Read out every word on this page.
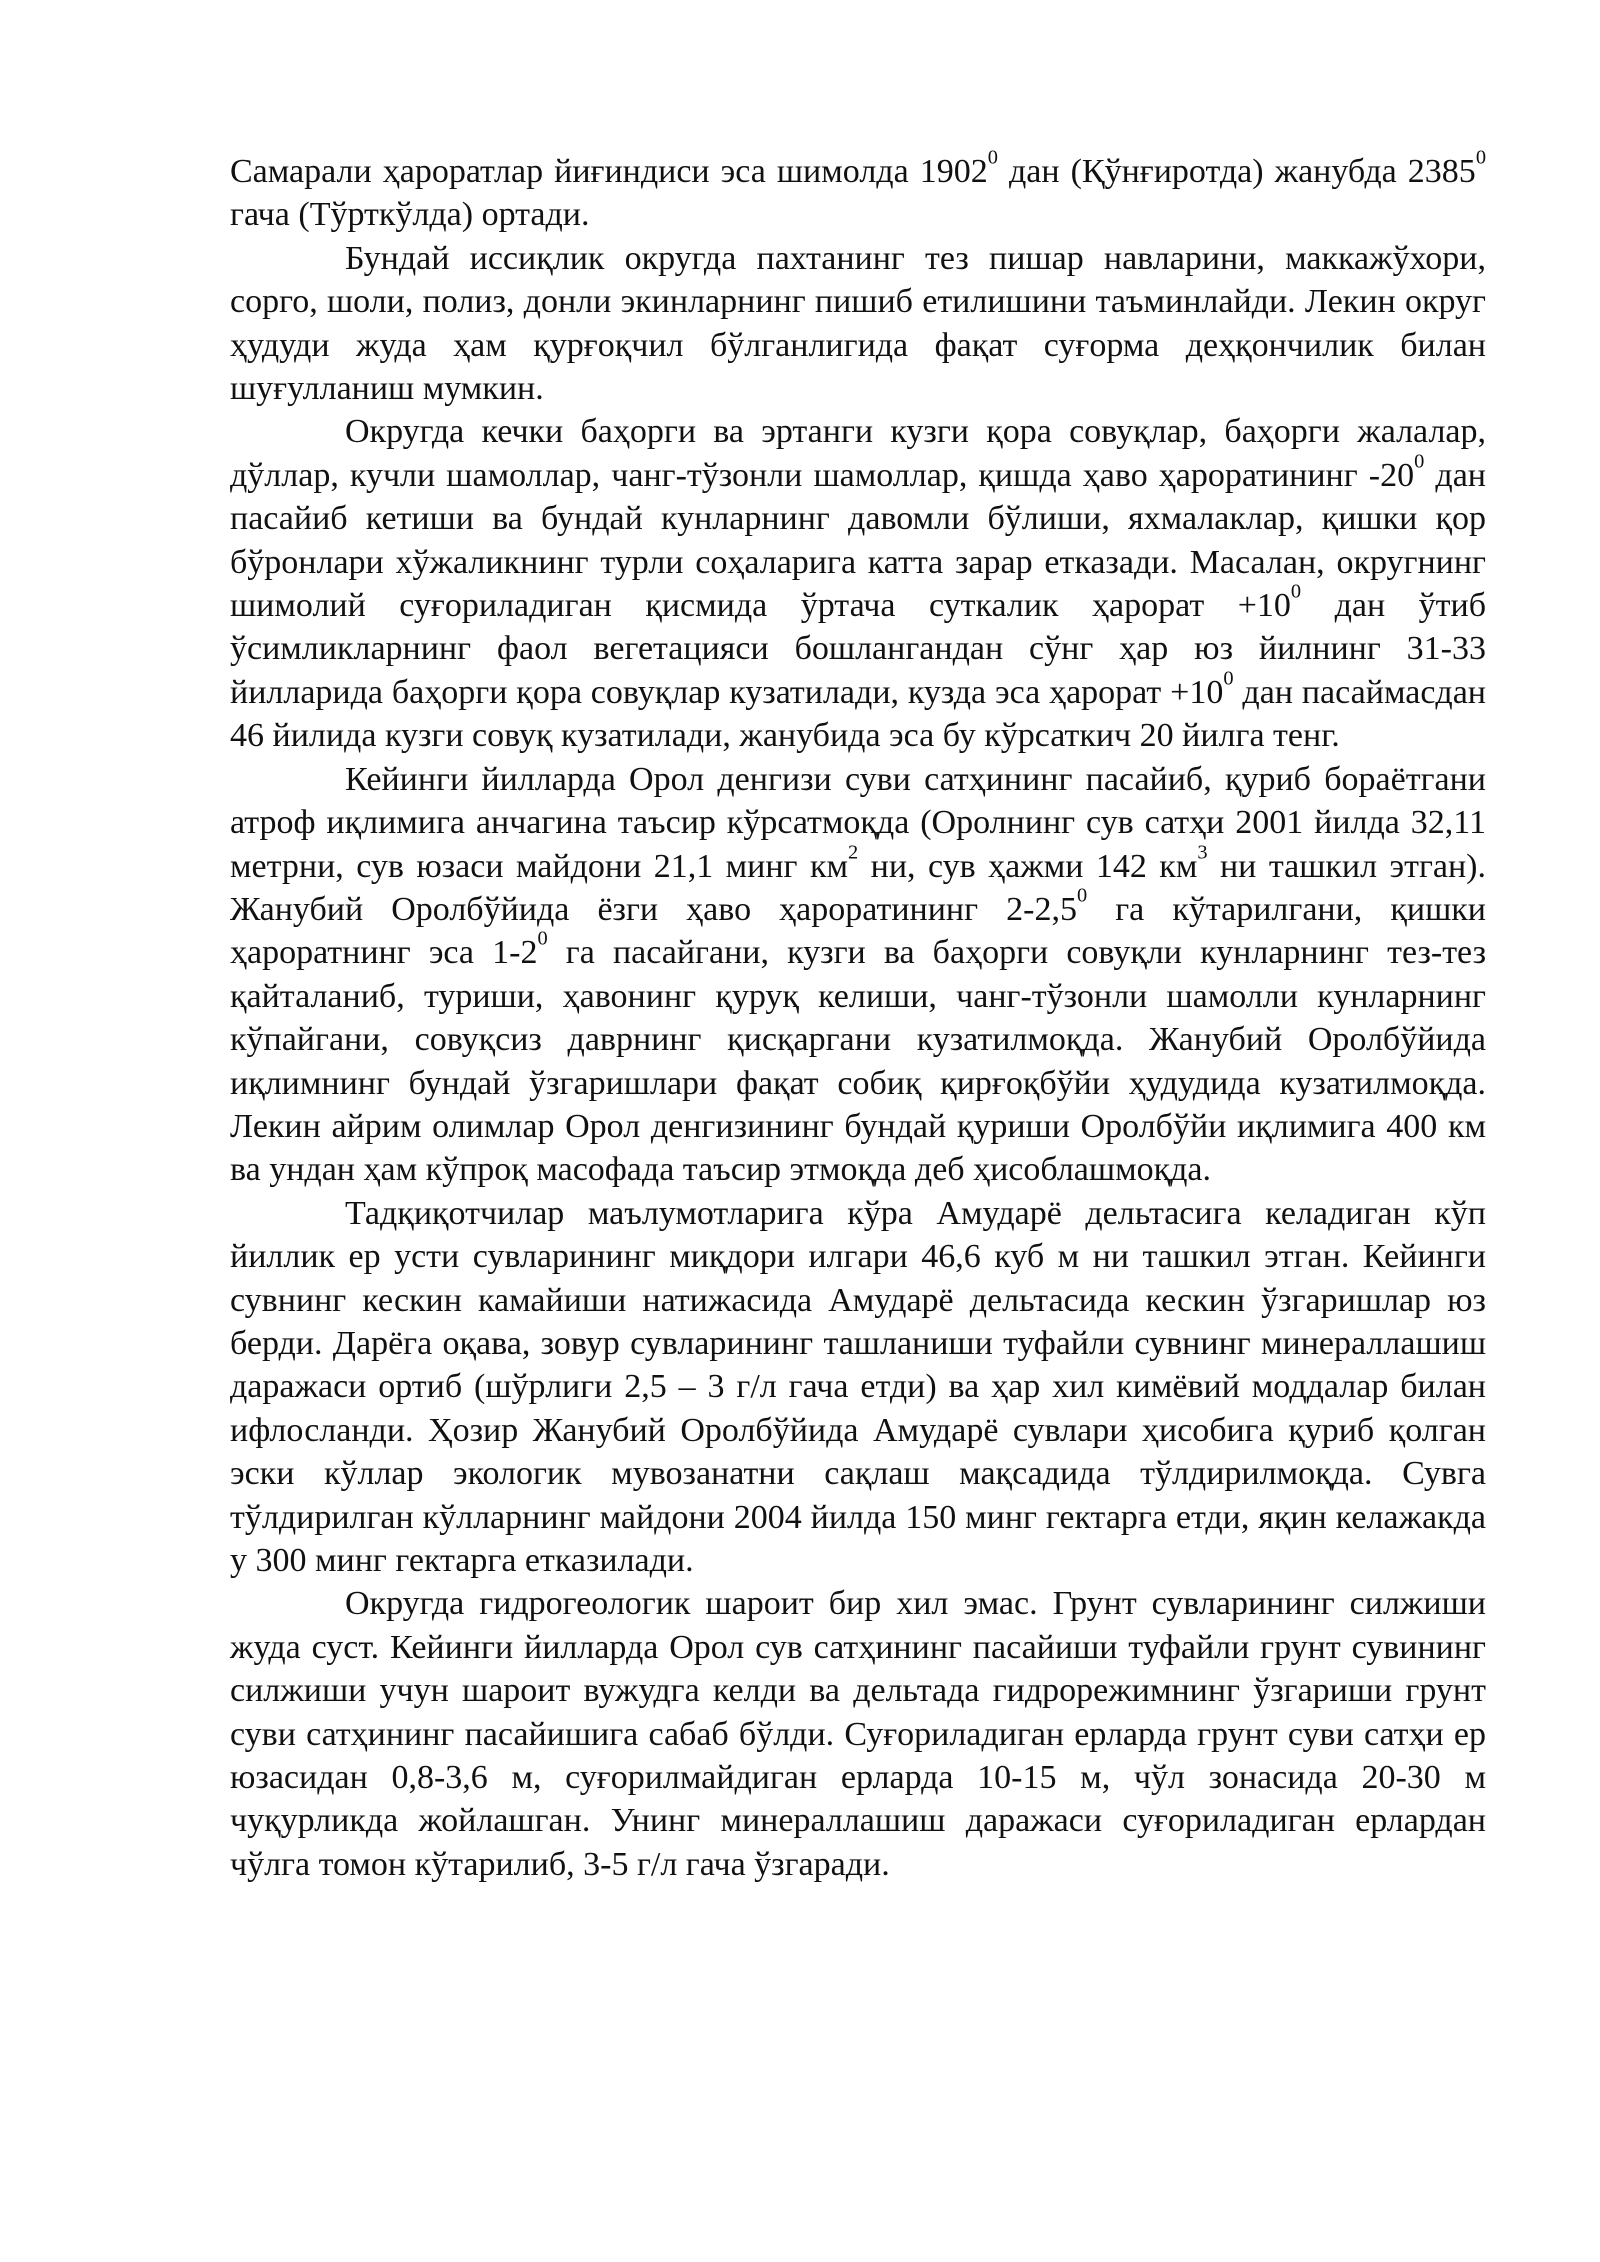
Самарали ҳароратлар йиғиндиси эса шимолда 1902$^0$ дан (Қўнғиротда) жанубда 2385$^0$ гача (Тўрткўлда) ортади.

Бундай иссиқлик округда пахтанинг тез пишар навларини, маккажўхори, сорго, шоли, полиз, донли экинларнинг пишиб етилишини таъминлайди. Лекин округ ҳудуди жуда ҳам қурғоқчил бўлганлигида фақат суғорма деҳқончилик билан шуғулланиш мумкин.

Округда кечки баҳорги ва эртанги кузги қора совуқлар, баҳорги жалалар, дўллар, кучли шамоллар, чанг-тўзонли шамоллар, қишда ҳаво ҳароратининг $-20^0$ дан пасайиб кетиши ва бундай кунларнинг давомли бўлиши, яхмалаклар, қишки қор бўронлари хўжаликнинг турли соҳаларига катта зарар етказади. Масалан, округнинг шимолий суғориладиган қисмида ўртача суткалик ҳарорат $+10^0$ дан ўтиб ўсимликларнинг фаол вегетацияси бошлангандан сўнг ҳар юз йилнинг 31-33 йилларида баҳорги қора совуқлар кузатилади, кузда эса ҳарорат $+10^0$ дан пасаймасдан 46 йилида кузги совуқ кузатилади, жанубида эса бу кўрсаткич 20 йилга тенг.

Кейинги йилларда Орол денгизи суви сатҳининг пасайиб, қуриб бораётгани атроф иқлимига анчагина таъсир кўрсатмоқда (Оролнинг сув сатҳи 2001 йилда 32,11 метрни, сув юзаси майдони 21,1 минг $км^2$ ни, сув ҳажми 142 $км^3$ ни ташкил этган). Жанубий Оролбўйида ёзги ҳаво ҳароратининг $2-2,5^0$ га кўтарилгани, қишки ҳароратнинг эса $1-2^0$ га пасайгани, кузги ва баҳорги совуқли кунларнинг тез-тез қайталаниб, туриши, ҳавонинг қуруқ келиши, чанг-тўзонли шамолли кунларнинг кўпайгани, совуқсиз даврнинг қисқаргани кузатилмоқда. Жанубий Оролбўйида иқлимнинг бундай ўзгаришлари фақат собиқ қирғоқбўйи ҳудудида кузатилмоқда. Лекин айрим олимлар Орол денгизининг бундай қуриши Оролбўйи иқлимига 400 км ва ундан ҳам кўпроқ масофада таъсир этмоқда деб ҳисоблашмоқда.

Тадқиқотчилар маълумотларига кўра Амударё дельтасига келадиган кўп йиллик ер усти сувларининг миқдори илгари 46,6 куб м ни ташкил этган. Кейинги сувнинг кескин камайиши натижасида Амударё дельтасида кескин ўзгаришлар юз берди. Дарёга оқава, зовур сувларининг ташланиши туфайли сувнинг минераллашиш даражаси ортиб (шўрлиги 2,5 – 3 г/л гача етди) ва ҳар хил кимёвий моддалар билан ифлосланди. Ҳозир Жанубий Оролбўйида Амударё сувлари ҳисобига қуриб қолган эски кўллар экологик мувозанатни сақлаш мақсадида тўлдирилмоқда. Сувга тўлдирилган кўлларнинг майдони 2004 йилда 150 минг гектарга етди, яқин келажакда у 300 минг гектарга етказилади.

Округда гидрогеологик шароит бир хил эмас. Грунт сувларининг силжиши жуда суст. Кейинги йилларда Орол сув сатҳининг пасайиши туфайли грунт сувининг силжиши учун шароит вужудга келди ва дельтада гидрорежимнинг ўзгариши грунт суви сатҳининг пасайишига сабаб бўлди. Суғориладиган ерларда грунт суви сатҳи ер юзасидан 0,8-3,6 м, суғорилмайдиган ерларда 10-15 м, чўл зонасида 20-30 м чуқурликда жойлашган. Унинг минераллашиш даражаси суғориладиган ерлардан чўлга томон кўтарилиб, 3-5 г/л гача ўзгаради.
